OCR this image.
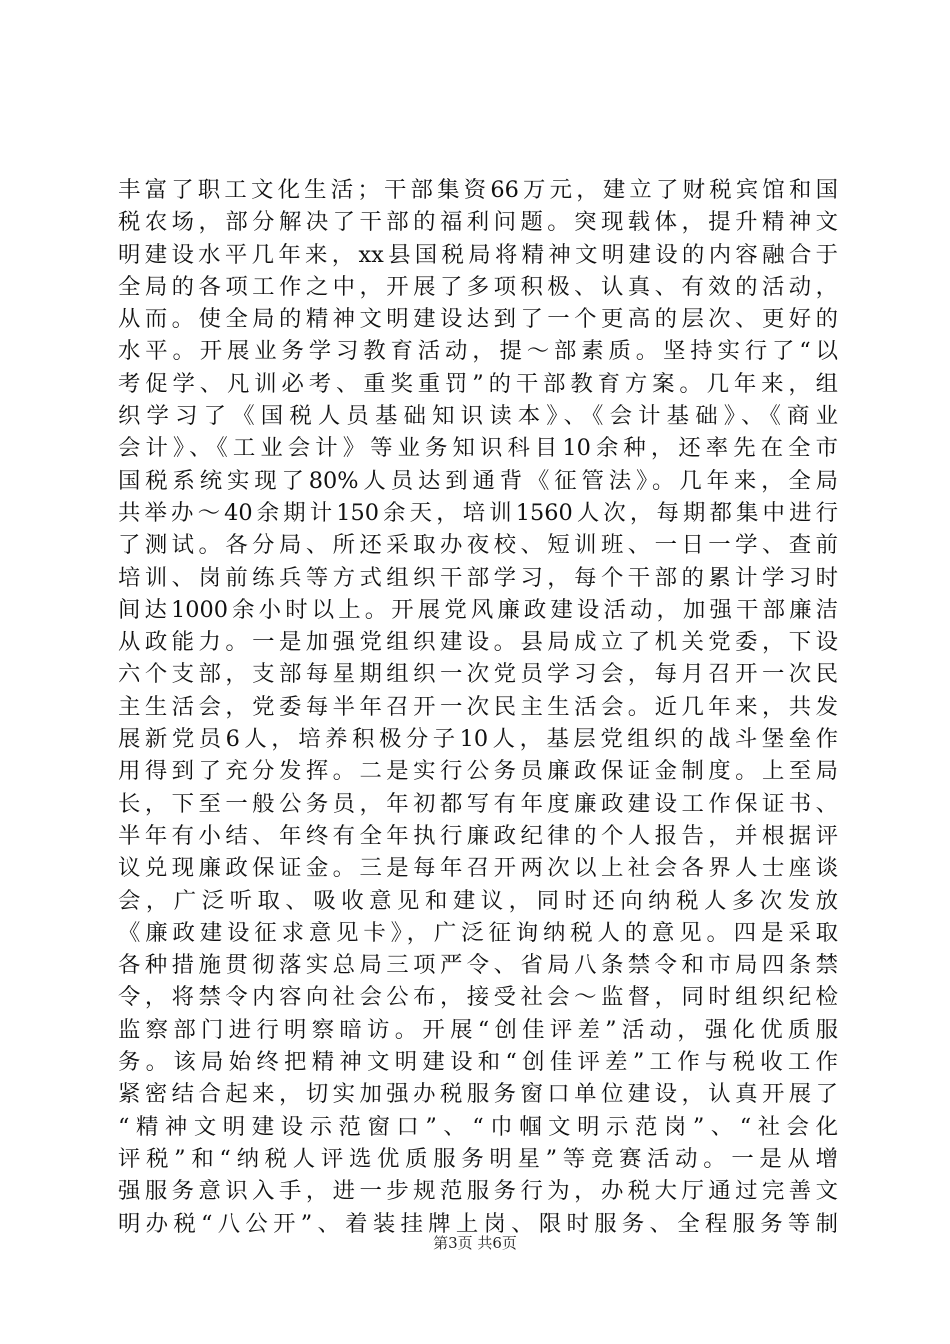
丰富了职工文化生活；干部集资66万元，建立了财税宾馆和国
税农场，部分解决了干部的福利问题。突现载体，提升精神文
明建设水平几年来，xx县国税局将精神文明建设的内容融合于
全局的各项工作之中，开展了多项积极、认真、有效的活动，
从而。使全局的精神文明建设达到了一个更高的层次、更好的
水平。开展业务学习教育活动，提～部素质。坚持实行了“以
考促学、凡训必考、重奖重罚”的干部教育方案。几年来，组
织学习了《国税人员基础知识读本》、《会计基础》、《商业
会计》、《工业会计》等业务知识科目10余种，还率先在全市
国税系统实现了80%人员达到通背《征管法》。几年来，全局
共举办～40余期计150余天，培训1560人次，每期都集中进行
了测试。各分局、所还采取办夜校、短训班、一日一学、查前
培训、岗前练兵等方式组织干部学习，每个干部的累计学习时
间达1000余小时以上。开展党风廉政建设活动，加强干部廉洁
从政能力。一是加强党组织建设。县局成立了机关党委，下设
六个支部，支部每星期组织一次党员学习会，每月召开一次民
主生活会，党委每半年召开一次民主生活会。近几年来，共发
展新党员6人，培养积极分子10人，基层党组织的战斗堡垒作
用得到了充分发挥。二是实行公务员廉政保证金制度。上至局
长，下至一般公务员，年初都写有年度廉政建设工作保证书、
半年有小结、年终有全年执行廉政纪律的个人报告，并根据评
议兑现廉政保证金。三是每年召开两次以上社会各界人士座谈
会，广泛听取、吸收意见和建议，同时还向纳税人多次发放
《廉政建设征求意见卡》，广泛征询纳税人的意见。四是采取
各种措施贯彻落实总局三项严令、省局八条禁令和市局四条禁
令，将禁令内容向社会公布，接受社会～监督，同时组织纪检
监察部门进行明察暗访。开展“创佳评差”活动，强化优质服
务。该局始终把精神文明建设和“创佳评差”工作与税收工作
紧密结合起来，切实加强办税服务窗口单位建设，认真开展了
“精神文明建设示范窗口”、“巾帼文明示范岗”、“社会化
评税”和“纳税人评选优质服务明星”等竞赛活动。一是从增
强服务意识入手，进一步规范服务行为，办税大厅通过完善文
明办税“八公开”、着装挂牌上岗、限时服务、全程服务等制
第3页 共6页
